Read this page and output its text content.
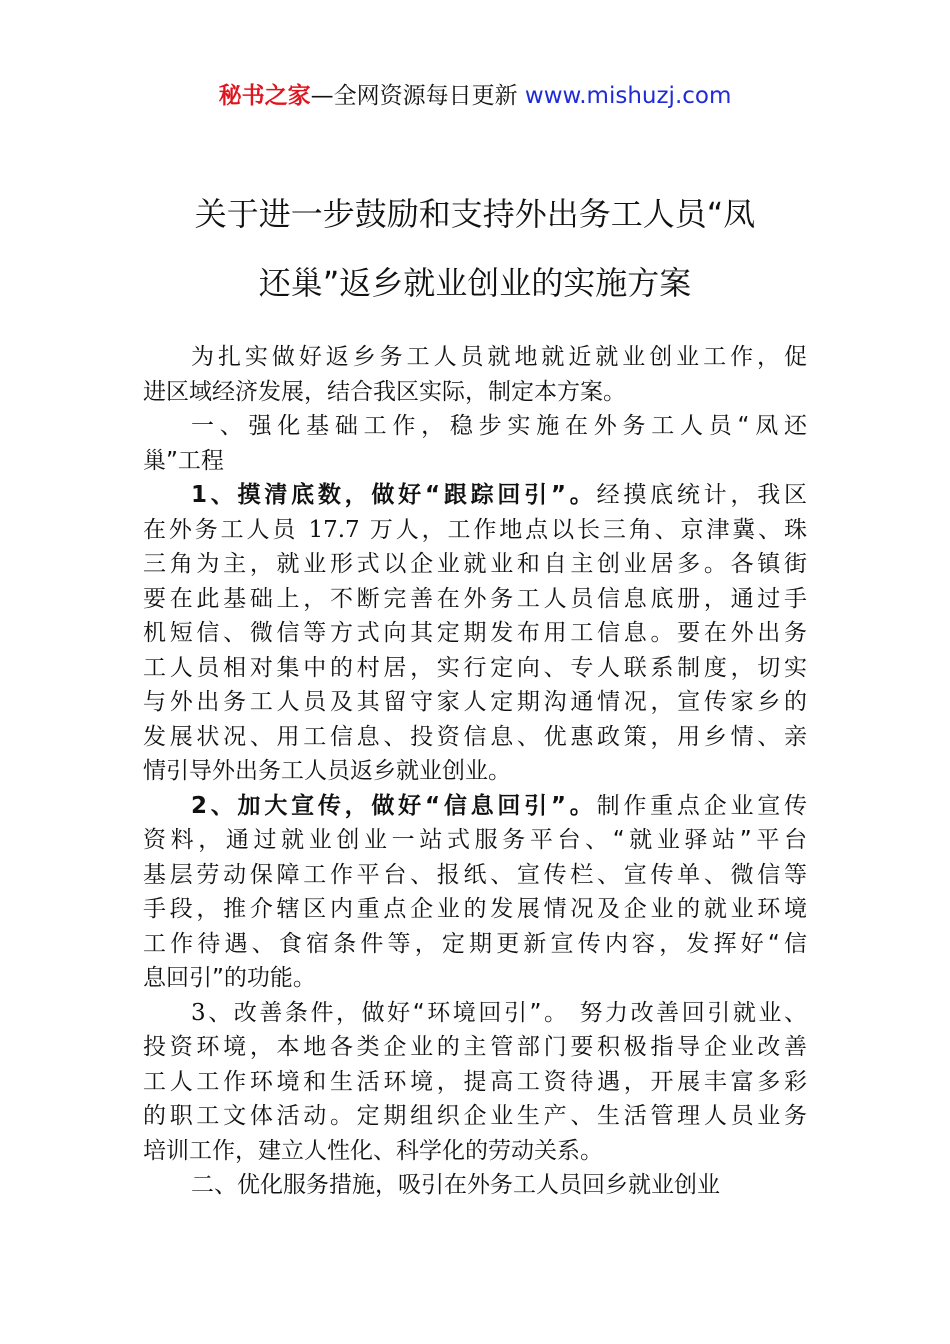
秘书之家—全网资源每日更新 www.mishuzj.com
关于进一步鼓励和支持外出务工人员“凤
还巢”返乡就业创业的实施方案
为扎实做好返乡务工人员就地就近就业创业工作，促
进区域经济发展，结合我区实际，制定本方案。
一、强化基础工作，稳步实施在外务工人员“凤还
巢”工程
1、摸清底数，做好“跟踪回引”。经摸底统计，我区
在外务工人员 17.7 万人，工作地点以长三角、京津冀、珠
三角为主，就业形式以企业就业和自主创业居多。各镇街
要在此基础上，不断完善在外务工人员信息底册，通过手
机短信、微信等方式向其定期发布用工信息。要在外出务
工人员相对集中的村居，实行定向、专人联系制度，切实
与外出务工人员及其留守家人定期沟通情况，宣传家乡的
发展状况、用工信息、投资信息、优惠政策，用乡情、亲
情引导外出务工人员返乡就业创业。
2、加大宣传，做好“信息回引”。制作重点企业宣传
资料，通过就业创业一站式服务平台、“就业驿站”平台
基层劳动保障工作平台、报纸、宣传栏、宣传单、微信等
手段，推介辖区内重点企业的发展情况及企业的就业环境
工作待遇、食宿条件等，定期更新宣传内容，发挥好“信
息回引”的功能。
3、改善条件，做好“环境回引”。 努力改善回引就业、
投资环境，本地各类企业的主管部门要积极指导企业改善
工人工作环境和生活环境，提高工资待遇，开展丰富多彩
的职工文体活动。定期组织企业生产、生活管理人员业务
培训工作，建立人性化、科学化的劳动关系。
二、优化服务措施，吸引在外务工人员回乡就业创业
